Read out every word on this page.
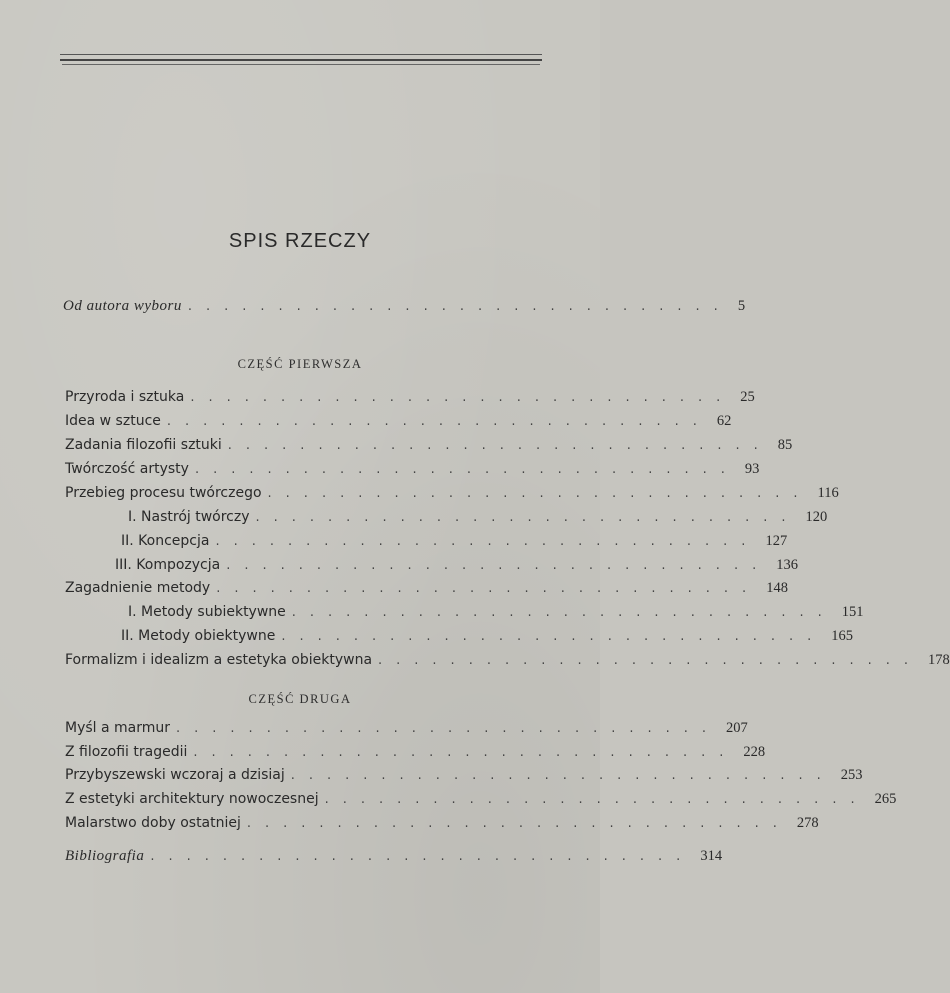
SPIS RZECZY
Od autora wyboru .............................. 5
CZĘŚĆ PIERWSZA
Przyroda i sztuka .............................. 25
Idea w sztuce .............................. 62
Zadania filozofii sztuki .............................. 85
Twórczość artysty .............................. 93
Przebieg procesu twórczego .............................. 116
I. Nastrój twórczy .............................. 120
II. Koncepcja .............................. 127
III. Kompozycja .............................. 136
Zagadnienie metody .............................. 148
I. Metody subiektywne .............................. 151
II. Metody obiektywne .............................. 165
Formalizm i idealizm a estetyka obiektywna .............................. 178
CZĘŚĆ DRUGA
Myśl a marmur .............................. 207
Z filozofii tragedii .............................. 228
Przybyszewski wczoraj a dzisiaj .............................. 253
Z estetyki architektury nowoczesnej .............................. 265
Malarstwo doby ostatniej .............................. 278
Bibliografia .............................. 314
